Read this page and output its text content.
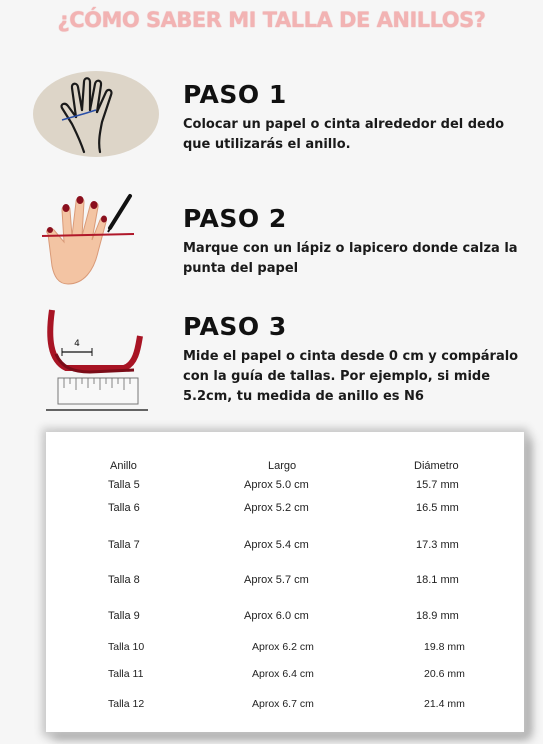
¿CÓMO SABER MI TALLA DE ANILLOS?
PASO 1

Colocar un papel o cinta alrededor del dedo que utilizarás el anillo.

PASO 2

Marque con un lápiz o lapicero donde calza la punta del papel

4
PASO 3

Mide el papel o cinta desde 0 cm y compáralo con la guía de tallas. Por ejemplo, si mide 5.2cm, tu medida de anillo es N6

Anillo	Largo	Diámetro
Talla 5	Aprox 5.0 cm	15.7 mm
Talla 6	Aprox 5.2 cm	16.5 mm
Talla 7	Aprox 5.4 cm	17.3 mm
Talla 8	Aprox 5.7 cm	18.1 mm
Talla 9	Aprox 6.0 cm	18.9 mm
Talla 10	Aprox 6.2 cm	19.8 mm
Talla 11	Aprox 6.4 cm	20.6 mm
Talla 12	Aprox 6.7 cm	21.4 mm
